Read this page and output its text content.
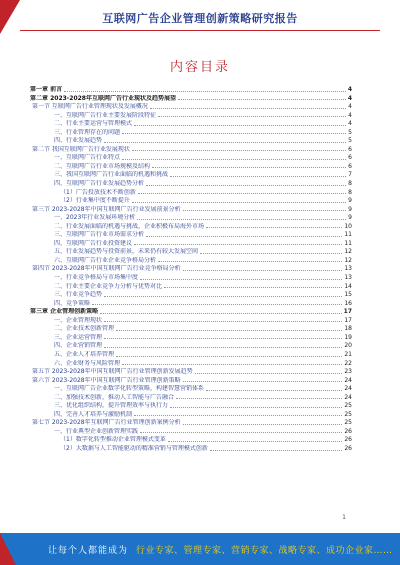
互联网广告企业管理创新策略研究报告
内容目录
第一章 前言	4
第二章 2023-2028年互联网广告行业现状及趋势展望	4
第一节 互联网广告行业管理现状及发展概况	4
一、互联网广告行业主要发展阶段特征	4
二、行业主要运营与管理模式	4
三、行业管理存在的问题	5
四、行业发展趋势	5
第二节 我国互联网广告行业发展现状	6
一、互联网广告行业特点	6
二、互联网广告行业市场规模及结构	6
三、我国互联网广告行业面临的机遇和挑战	7
四、互联网广告行业发展趋势分析	8
（1）广告投放技术不断创新	8
（2）行业集中度不断提升	9
第三节 2023-2028年中国互联网广告行业发展前景分析	9
一、2023年行业发展环境分析	9
二、行业发展面临的机遇与挑战，企业积极布局海外市场	10
三、互联网广告行业市场需求分析	11
四、互联网广告行业投资建议	11
五、行业发展趋势与投资前景，未来仍有较大发展空间	12
六、互联网广告行业企业竞争格局分析	12
第四节 2023-2028年中国互联网广告行业竞争格局分析	13
一、行业竞争格局与市场集中度	13
二、行业主要企业竞争力分析与优势对比	14
三、行业竞争趋势	15
四、竞争策略	16
第三章 企业管理创新策略	17
一、企业管理现状	17
二、企业技术创新管理	18
三、企业运营管理	19
四、企业营销管理	20
五、企业人才培养管理	21
六、企业财务与风险管理	22
第五节 2023-2028年中国互联网广告行业管理创新发展趋势	23
第六节 2023-2028年中国互联网广告行业管理创新策略	24
一、互联网广告企业数字化转型策略，构建智慧营销体系	24
二、加强技术创新，推动人工智能与广告融合	24
三、优化组织结构，提升管理效率与执行力	25
四、完善人才培养与激励机制	25
第七节 2023-2028年互联网广告行业管理创新案例分析	25
一、行业典型企业创新管理实践	26
（1）数字化转型推动企业管理模式变革	26
（2）大数据与人工智能驱动的精准营销与管理模式创新	26
1
让每个人都能成为 行业专家、管理专家、营销专家、战略专家、成功企业家……
